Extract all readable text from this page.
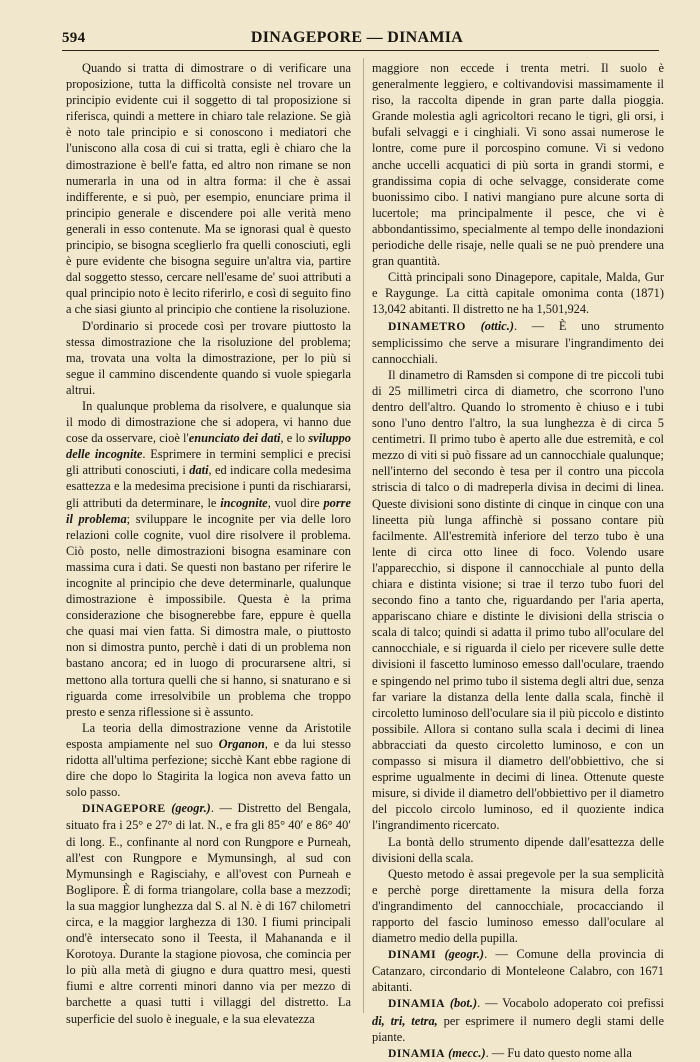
594	DINAGEPORE — DINAMIA

Quando si tratta di dimostrare o di verificare una proposizione, tutta la difficoltà consiste nel trovare un principio evidente cui il soggetto di tal proposizione si riferisca, quindi a mettere in chiaro tale relazione. Se già è noto tale principio e si conoscono i mediatori che l'uniscono alla cosa di cui si tratta, egli è chiaro che la dimostrazione è bell'e fatta, ed altro non rimane se non numerarla in una od in altra forma: il che è assai indifferente, e si può, per esempio, enunciare prima il principio generale e discendere poi alle verità meno generali in esso contenute. Ma se ignorasi qual è questo principio, se bisogna sceglierlo fra quelli conosciuti, egli è pure evidente che bisogna seguire un'altra via, partire dal soggetto stesso, cercare nell'esame de' suoi attributi a qual principio noto è lecito riferirlo, e così di seguito fino a che siasi giunto al principio che contiene la risoluzione.

D'ordinario si procede così per trovare piuttosto la stessa dimostrazione che la risoluzione del problema; ma, trovata una volta la dimostrazione, per lo più si segue il cammino discendente quando si vuole spiegarla altrui.

In qualunque problema da risolvere, e qualunque sia il modo di dimostrazione che si adopera, vi hanno due cose da osservare, cioè l'enunciato dei dati, e lo sviluppo delle incognite. Esprimere in termini semplici e precisi gli attributi conosciuti, i dati, ed indicare colla medesima esattezza e la medesima precisione i punti da rischiararsi, gli attributi da determinare, le incognite, vuol dire porre il problema; sviluppare le incognite per via delle loro relazioni colle cognite, vuol dire risolvere il problema. Ciò posto, nelle dimostrazioni bisogna esaminare con massima cura i dati. Se questi non bastano per riferire le incognite al principio che deve determinarle, qualunque dimostrazione è impossibile. Questa è la prima considerazione che bisognerebbe fare, eppure è quella che quasi mai vien fatta. Si dimostra male, o piuttosto non si dimostra punto, perchè i dati di un problema non bastano ancora; ed in luogo di procurarsene altri, si mettono alla tortura quelli che si hanno, si snaturano e si riguarda come irresolvibile un problema che troppo presto e senza riflessione si è assunto.

La teoria della dimostrazione venne da Aristotile esposta ampiamente nel suo Organon, e da lui stesso ridotta all'ultima perfezione; sicchè Kant ebbe ragione di dire che dopo lo Stagirita la logica non aveva fatto un solo passo.

DINAGEPORE (geogr.). — Distretto del Bengala, situato fra i 25° e 27° di lat. N., e fra gli 85° 40′ e 86° 40′ di long. E., confinante al nord con Rungpore e Purneah, all'est con Rungpore e Mymunsingh, al sud con Mymunsingh e Ragisciahy, e all'ovest con Purneah e Boglipore. È di forma triangolare, colla base a mezzodì; la sua maggior lunghezza dal S. al N. è di 167 chilometri circa, e la maggior larghezza di 130. I fiumi principali ond'è intersecato sono il Teesta, il Mahananda e il Korotoya. Durante la stagione piovosa, che comincia per lo più alla metà di giugno e dura quattro mesi, questi fiumi e altre correnti minori danno via per mezzo di barchette a quasi tutti i villaggi del distretto. La superficie del suolo è ineguale, e la sua elevatezza

maggiore non eccede i trenta metri. Il suolo è generalmente leggiero, e coltivandovisi massimamente il riso, la raccolta dipende in gran parte dalla pioggia. Grande molestia agli agricoltori recano le tigri, gli orsi, i bufali selvaggi e i cinghiali. Vi sono assai numerose le lontre, come pure il porcospino comune. Vi si vedono anche uccelli acquatici di più sorta in grandi stormi, e grandissima copia di oche selvagge, considerate come buonissimo cibo. I nativi mangiano pure alcune sorta di lucertole; ma principalmente il pesce, che vi è abbondantissimo, specialmente al tempo delle inondazioni periodiche delle risaje, nelle quali se ne può prendere una gran quantità.

Città principali sono Dinagepore, capitale, Malda, Gur e Raygunge. La città capitale omonima conta (1871) 13,042 abitanti. Il distretto ne ha 1,501,924.

DINAMETRO (ottic.). — È uno strumento semplicissimo che serve a misurare l'ingrandimento dei cannocchiali.

Il dinametro di Ramsden si compone di tre piccoli tubi di 25 millimetri circa di diametro, che scorrono l'uno dentro dell'altro. Quando lo stromento è chiuso e i tubi sono l'uno dentro l'altro, la sua lunghezza è di circa 5 centimetri. Il primo tubo è aperto alle due estremità, e col mezzo di viti si può fissare ad un cannocchiale qualunque; nell'interno del secondo è tesa per il contro una piccola striscia di talco o di madreperla divisa in decimi di linea. Queste divisioni sono distinte di cinque in cinque con una lineetta più lunga affinchè si possano contare più facilmente. All'estremità inferiore del terzo tubo è una lente di circa otto linee di foco. Volendo usare l'apparecchio, si dispone il cannocchiale al punto della chiara e distinta visione; si trae il terzo tubo fuori del secondo fino a tanto che, riguardando per l'aria aperta, appariscano chiare e distinte le divisioni della striscia o scala di talco; quindi si adatta il primo tubo all'oculare del cannocchiale, e si riguarda il cielo per ricevere sulle dette divisioni il fascetto luminoso emesso dall'oculare, traendo e spingendo nel primo tubo il sistema degli altri due, senza far variare la distanza della lente dalla scala, finchè il circoletto luminoso dell'oculare sia il più piccolo e distinto possibile. Allora si contano sulla scala i decimi di linea abbracciati da questo circoletto luminoso, e con un compasso si misura il diametro dell'obbiettivo, che si esprime ugualmente in decimi di linea. Ottenute queste misure, si divide il diametro dell'obbiettivo per il diametro del piccolo circolo luminoso, ed il quoziente indica l'ingrandimento ricercato.

La bontà dello strumento dipende dall'esattezza delle divisioni della scala.

Questo metodo è assai pregevole per la sua semplicità e perchè porge direttamente la misura della forza d'ingrandimento del cannocchiale, procacciando il rapporto del fascio luminoso emesso dall'oculare al diametro medio della pupilla.

DINAMI (geogr.). — Comune della provincia di Catanzaro, circondario di Monteleone Calabro, con 1671 abitanti.

DINAMIA (bot.). — Vocabolo adoperato coi prefissi di, tri, tetra, per esprimere il numero degli stami delle piante.

DINAMIA (mecc.). — Fu dato questo nome alla
